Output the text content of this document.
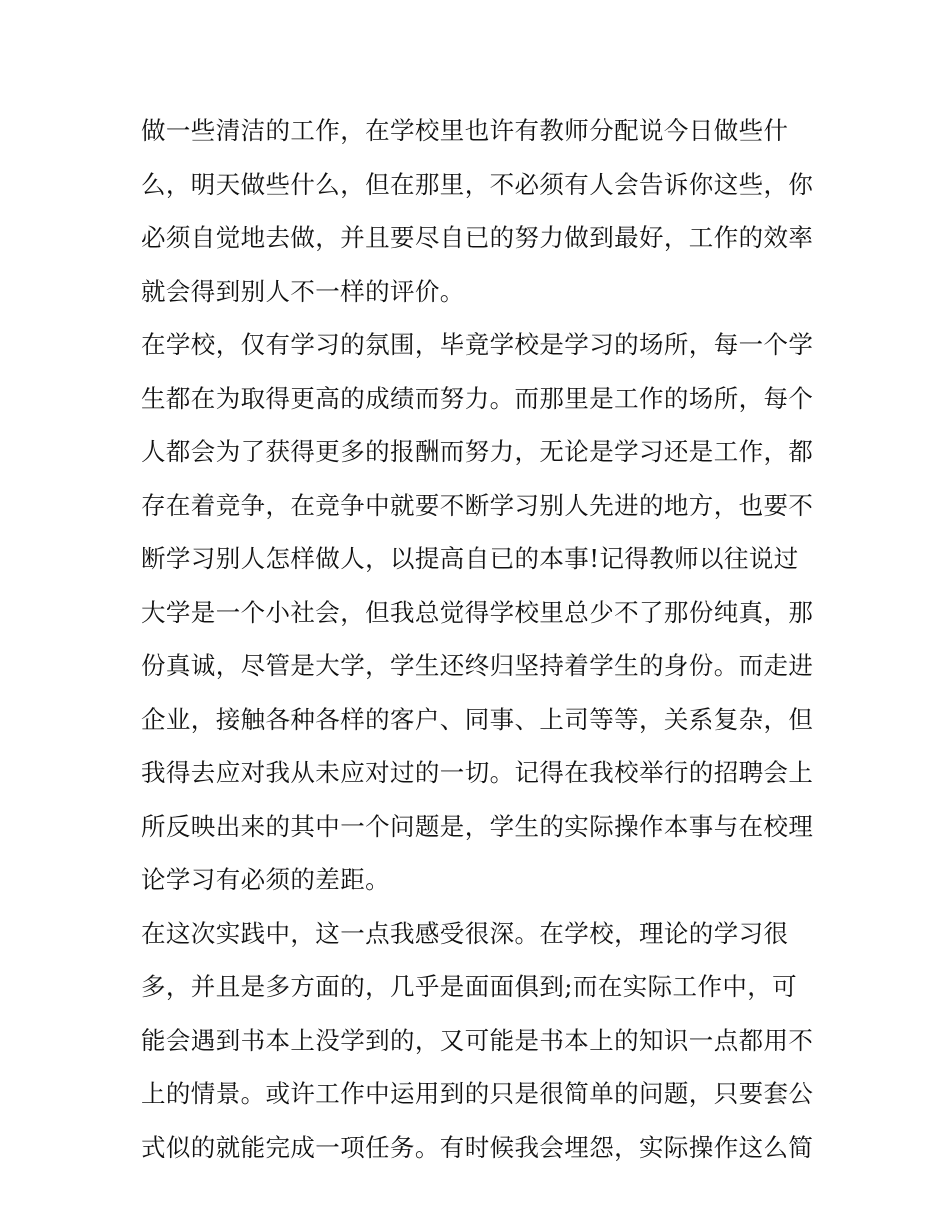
做一些清洁的工作，在学校里也许有教师分配说今日做些什
么，明天做些什么，但在那里，不必须有人会告诉你这些，你
必须自觉地去做，并且要尽自已的努力做到最好，工作的效率
就会得到别人不一样的评价。
在学校，仅有学习的氛围，毕竟学校是学习的场所，每一个学
生都在为取得更高的成绩而努力。而那里是工作的场所，每个
人都会为了获得更多的报酬而努力，无论是学习还是工作，都
存在着竞争，在竞争中就要不断学习别人先进的地方，也要不
断学习别人怎样做人，以提高自已的本事!记得教师以往说过
大学是一个小社会，但我总觉得学校里总少不了那份纯真，那
份真诚，尽管是大学，学生还终归坚持着学生的身份。而走进
企业，接触各种各样的客户、同事、上司等等，关系复杂，但
我得去应对我从未应对过的一切。记得在我校举行的招聘会上
所反映出来的其中一个问题是，学生的实际操作本事与在校理
论学习有必须的差距。
在这次实践中，这一点我感受很深。在学校，理论的学习很
多，并且是多方面的，几乎是面面俱到;而在实际工作中，可
能会遇到书本上没学到的，又可能是书本上的知识一点都用不
上的情景。或许工作中运用到的只是很简单的问题，只要套公
式似的就能完成一项任务。有时候我会埋怨，实际操作这么简
